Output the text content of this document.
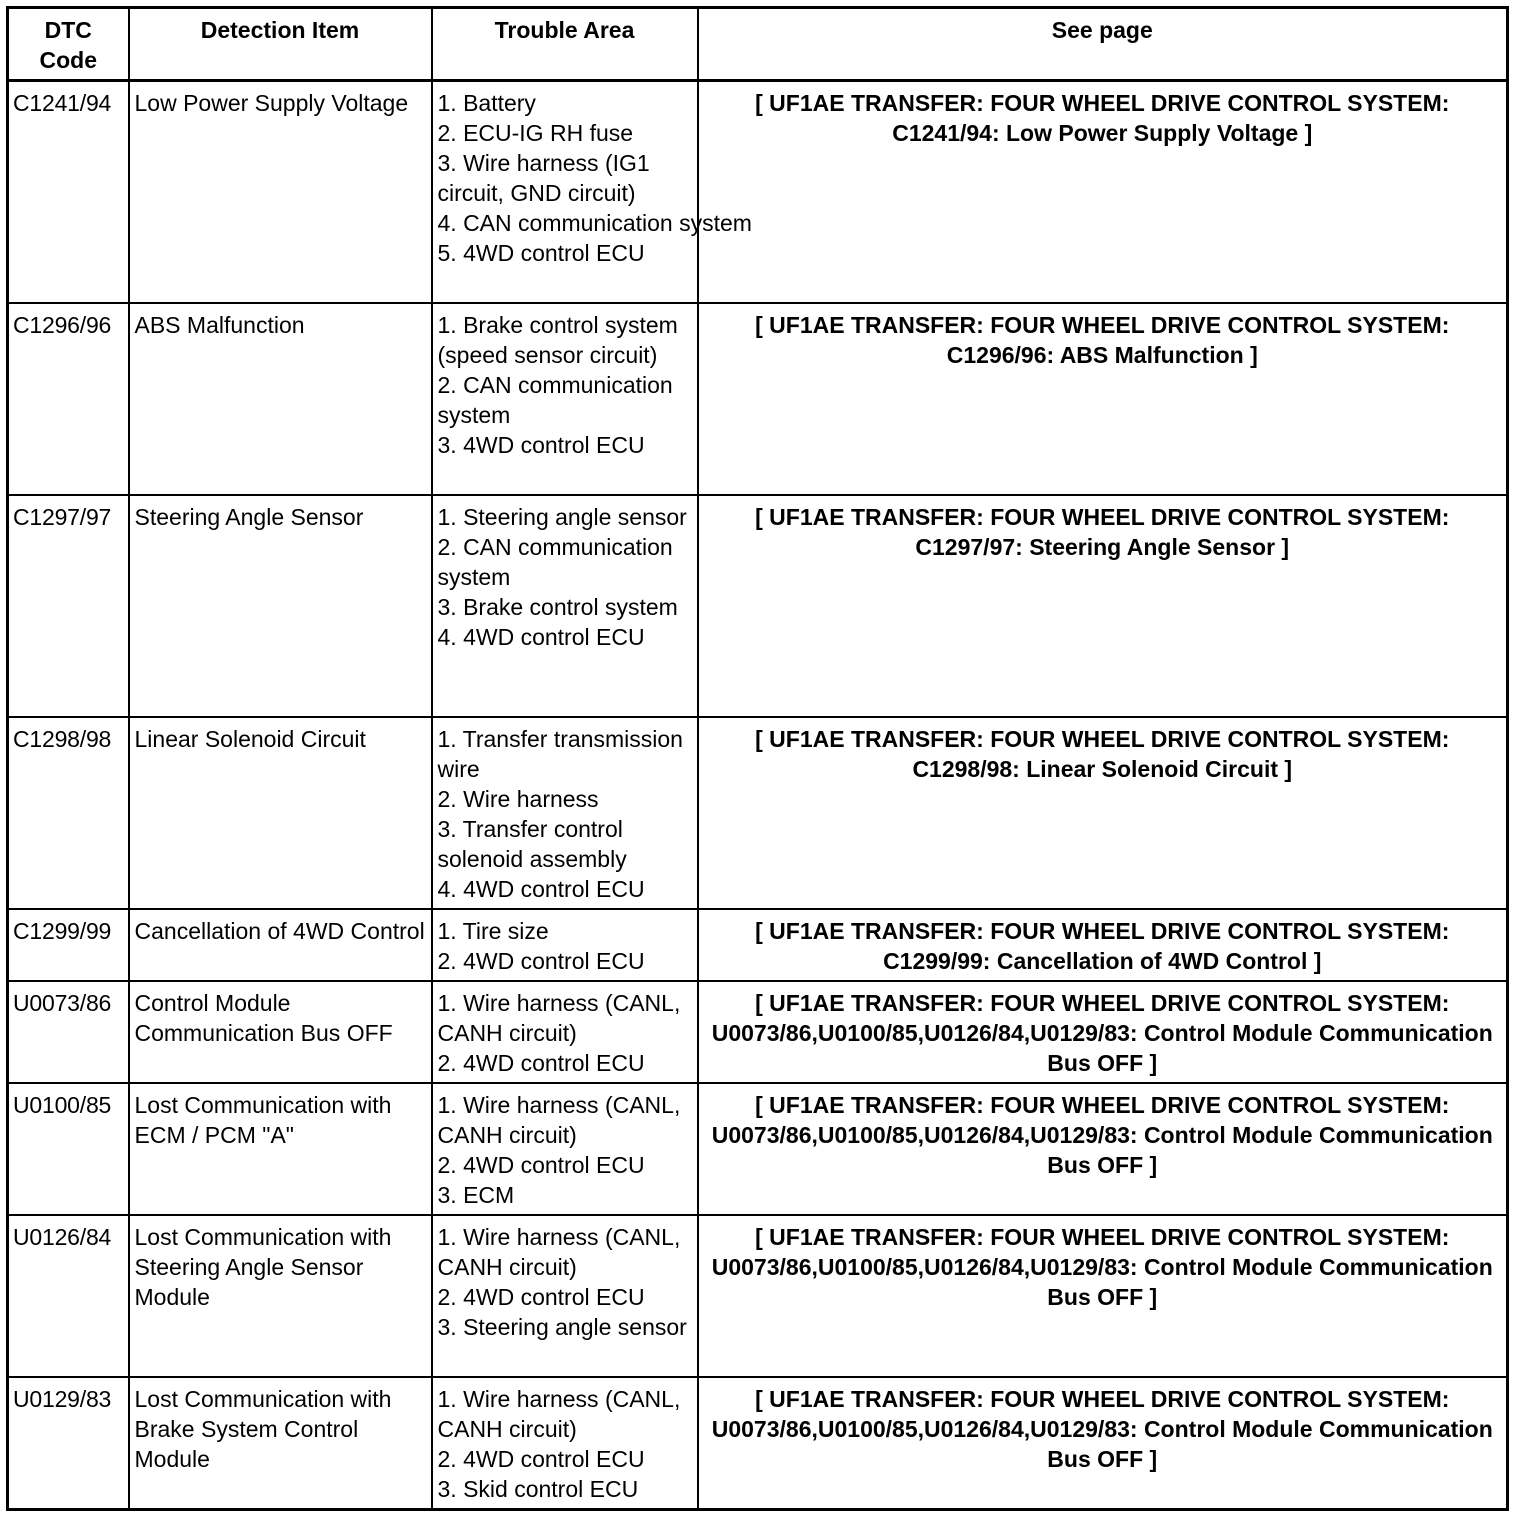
DTC Code	Detection Item	Trouble Area	See page
C1241/94	Low Power Supply Voltage	1. Battery
2. ECU-IG RH fuse
3. Wire harness (IG1 circuit, GND circuit)
4. CAN communication system
5. 4WD control ECU	[ UF1AE TRANSFER: FOUR WHEEL DRIVE CONTROL SYSTEM: C1241/94: Low Power Supply Voltage ]
C1296/96	ABS Malfunction	1. Brake control system (speed sensor circuit)
2. CAN communication system
3. 4WD control ECU	[ UF1AE TRANSFER: FOUR WHEEL DRIVE CONTROL SYSTEM: C1296/96: ABS Malfunction ]
C1297/97	Steering Angle Sensor	1. Steering angle sensor
2. CAN communication system
3. Brake control system
4. 4WD control ECU	[ UF1AE TRANSFER: FOUR WHEEL DRIVE CONTROL SYSTEM: C1297/97: Steering Angle Sensor ]
C1298/98	Linear Solenoid Circuit	1. Transfer transmission wire
2. Wire harness
3. Transfer control solenoid assembly
4. 4WD control ECU	[ UF1AE TRANSFER: FOUR WHEEL DRIVE CONTROL SYSTEM: C1298/98: Linear Solenoid Circuit ]
C1299/99	Cancellation of 4WD Control	1. Tire size
2. 4WD control ECU	[ UF1AE TRANSFER: FOUR WHEEL DRIVE CONTROL SYSTEM: C1299/99: Cancellation of 4WD Control ]
U0073/86	Control Module Communication Bus OFF	1. Wire harness (CANL, CANH circuit)
2. 4WD control ECU	[ UF1AE TRANSFER: FOUR WHEEL DRIVE CONTROL SYSTEM: U0073/86,U0100/85,U0126/84,U0129/83: Control Module Communication Bus OFF ]
U0100/85	Lost Communication with ECM / PCM "A"	1. Wire harness (CANL, CANH circuit)
2. 4WD control ECU
3. ECM	[ UF1AE TRANSFER: FOUR WHEEL DRIVE CONTROL SYSTEM: U0073/86,U0100/85,U0126/84,U0129/83: Control Module Communication Bus OFF ]
U0126/84	Lost Communication with Steering Angle Sensor Module	1. Wire harness (CANL, CANH circuit)
2. 4WD control ECU
3. Steering angle sensor	[ UF1AE TRANSFER: FOUR WHEEL DRIVE CONTROL SYSTEM: U0073/86,U0100/85,U0126/84,U0129/83: Control Module Communication Bus OFF ]
U0129/83	Lost Communication with Brake System Control Module	1. Wire harness (CANL, CANH circuit)
2. 4WD control ECU
3. Skid control ECU	[ UF1AE TRANSFER: FOUR WHEEL DRIVE CONTROL SYSTEM: U0073/86,U0100/85,U0126/84,U0129/83: Control Module Communication Bus OFF ]
